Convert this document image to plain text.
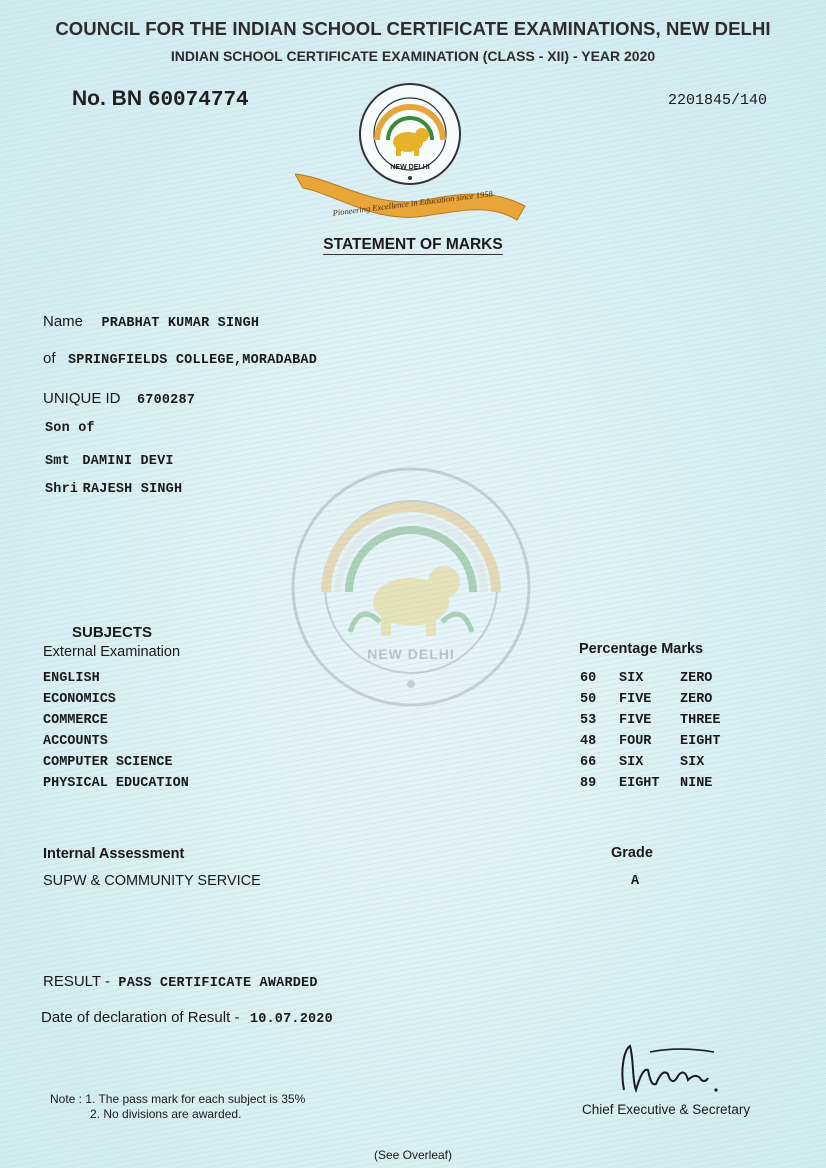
NEW DELHI
COUNCIL FOR THE INDIAN SCHOOL CERTIFICATE EXAMINATIONS, NEW DELHI
INDIAN SCHOOL CERTIFICATE EXAMINATION (CLASS - XII) - YEAR 2020
No. BN 60074774	2201845/140
NEW DELHI
Pioneering Excellence in Education since 1958
STATEMENT OF MARKS
Name PRABHAT KUMAR SINGH
of SPRINGFIELDS COLLEGE,MORADABAD
UNIQUE ID 6700287
Son of
Smt DAMINI DEVI
Shri RAJESH SINGH
SUBJECTS
External Examination	Percentage Marks
ENGLISH	60 SIX	ZERO
ECONOMICS	50 FIVE ZERO
COMMERCE	53 FIVE THREE
ACCOUNTS	48 FOUR EIGHT
COMPUTER SCIENCE	66 SIX	SIX
PHYSICAL EDUCATION	89 EIGHT NINE
Internal Assessment	Grade
SUPW & COMMUNITY SERVICE	A
RESULT - PASS CERTIFICATE AWARDED
Date of declaration of Result - 10.07.2020
Chief Executive & Secretary
Note : 1. The pass mark for each subject is 35%
2. No divisions are awarded.
(See Overleaf)
